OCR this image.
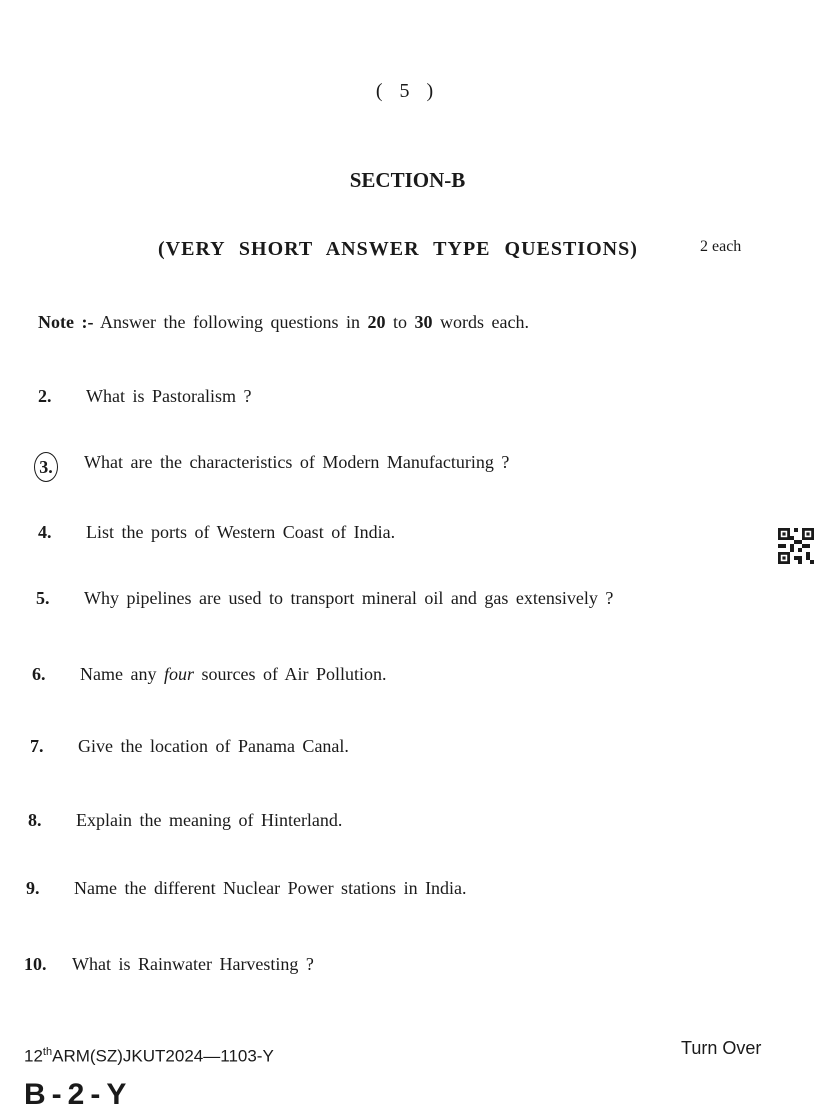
( 5 )
SECTION-B
(VERY SHORT ANSWER TYPE QUESTIONS)	2 each
Note :- Answer the following questions in 20 to 30 words each.
2.	What is Pastoralism ?
3. What are the characteristics of Modern Manufacturing ?
4.	List the ports of Western Coast of India.
5.	Why pipelines are used to transport mineral oil and gas extensively ?
6.	Name any four sources of Air Pollution.
7.	Give the location of Panama Canal.
8.	Explain the meaning of Hinterland.
9.	Name the different Nuclear Power stations in India.
10.	What is Rainwater Harvesting ?
12thARM(SZ)JKUT2024—1103-Y	Turn Over
B-2-Y
